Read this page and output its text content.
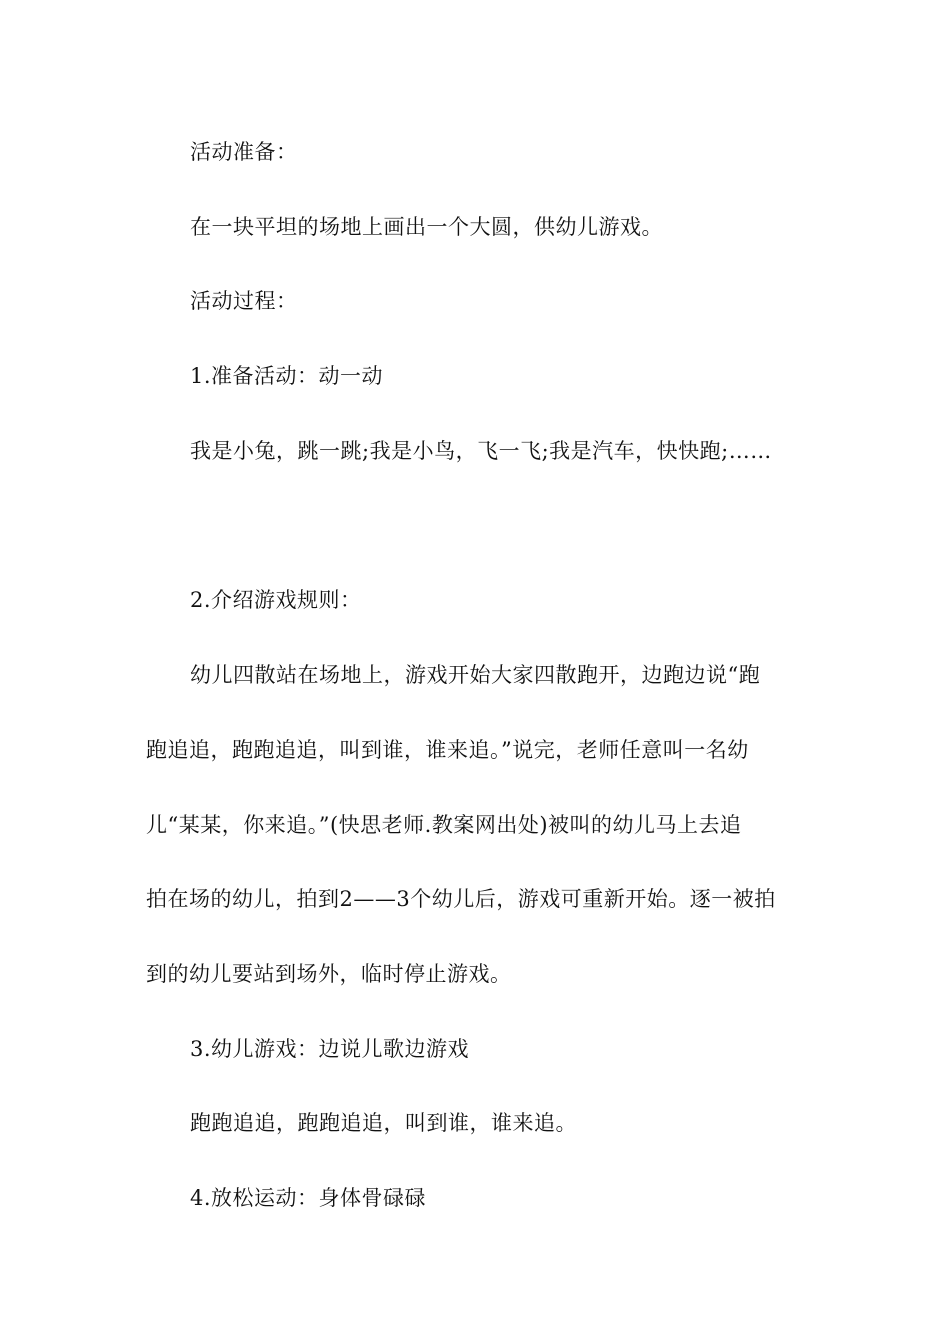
活动准备：
在一块平坦的场地上画出一个大圆，供幼儿游戏。
活动过程：
1.准备活动：动一动
我是小兔，跳一跳;我是小鸟，飞一飞;我是汽车，快快跑;……
2.介绍游戏规则：
幼儿四散站在场地上，游戏开始大家四散跑开，边跑边说“跑
跑追追，跑跑追追，叫到谁，谁来追。”说完，老师任意叫一名幼
儿“某某，你来追。”(快思老师.教案网出处)被叫的幼儿马上去追
拍在场的幼儿，拍到2——3个幼儿后，游戏可重新开始。逐一被拍
到的幼儿要站到场外，临时停止游戏。
3.幼儿游戏：边说儿歌边游戏
跑跑追追，跑跑追追，叫到谁，谁来追。
4.放松运动：身体骨碌碌
